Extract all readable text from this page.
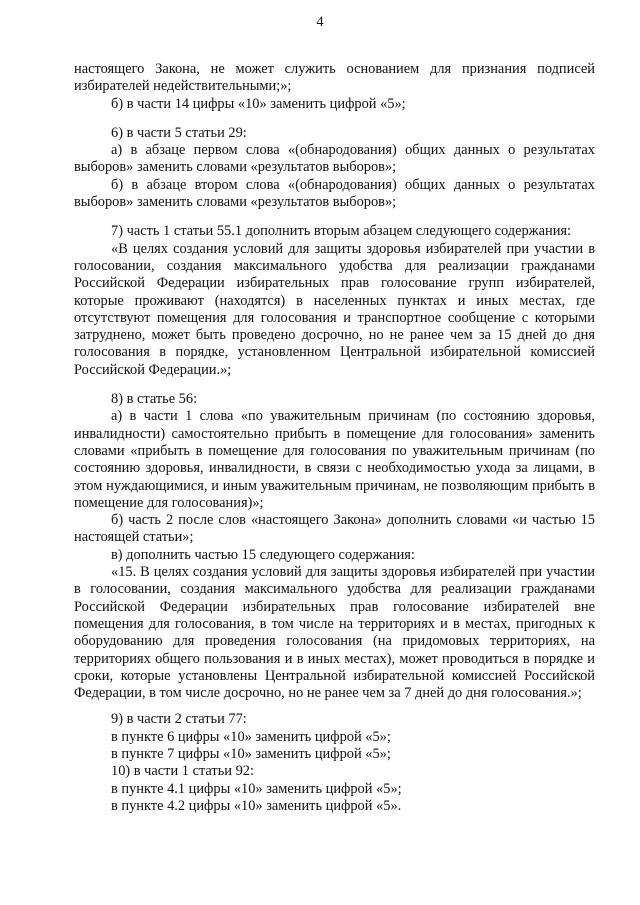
4

настоящего Закона, не может служить основанием для признания подписей избирателей недействительными;»;

б) в части 14 цифры «10» заменить цифрой «5»;

6) в части 5 статьи 29:

а) в абзаце первом слова «(обнародования) общих данных о результатах выборов» заменить словами «результатов выборов»;

б) в абзаце втором слова «(обнародования) общих данных о результатах выборов» заменить словами «результатов выборов»;

7) часть 1 статьи 55.1 дополнить вторым абзацем следующего содержания:

«В целях создания условий для защиты здоровья избирателей при участии в голосовании, создания максимального удобства для реализации гражданами Российской Федерации избирательных прав голосование групп избирателей, которые проживают (находятся) в населенных пунктах и иных местах, где отсутствуют помещения для голосования и транспортное сообщение с которыми затруднено, может быть проведено досрочно, но не ранее чем за 15 дней до дня голосования в порядке, установленном Центральной избирательной комиссией Российской Федерации.»;

8) в статье 56:

а) в части 1 слова «по уважительным причинам (по состоянию здоровья, инвалидности) самостоятельно прибыть в помещение для голосования» заменить словами «прибыть в помещение для голосования по уважительным причинам (по состоянию здоровья, инвалидности, в связи с необходимостью ухода за лицами, в этом нуждающимися, и иным уважительным причинам, не позволяющим прибыть в помещение для голосования)»;

б) часть 2 после слов «настоящего Закона» дополнить словами «и частью 15 настоящей статьи»;

в) дополнить частью 15 следующего содержания:

«15. В целях создания условий для защиты здоровья избирателей при участии в голосовании, создания максимального удобства для реализации гражданами Российской Федерации избирательных прав голосование избирателей вне помещения для голосования, в том числе на территориях и в местах, пригодных к оборудованию для проведения голосования (на придомовых территориях, на территориях общего пользования и в иных местах), может проводиться в порядке и сроки, которые установлены Центральной избирательной комиссией Российской Федерации, в том числе досрочно, но не ранее чем за 7 дней до дня голосования.»;

9) в части 2 статьи 77:

в пункте 6 цифры «10» заменить цифрой «5»;

в пункте 7 цифры «10» заменить цифрой «5»;

10) в части 1 статьи 92:

в пункте 4.1 цифры «10» заменить цифрой «5»;

в пункте 4.2 цифры «10» заменить цифрой «5».
